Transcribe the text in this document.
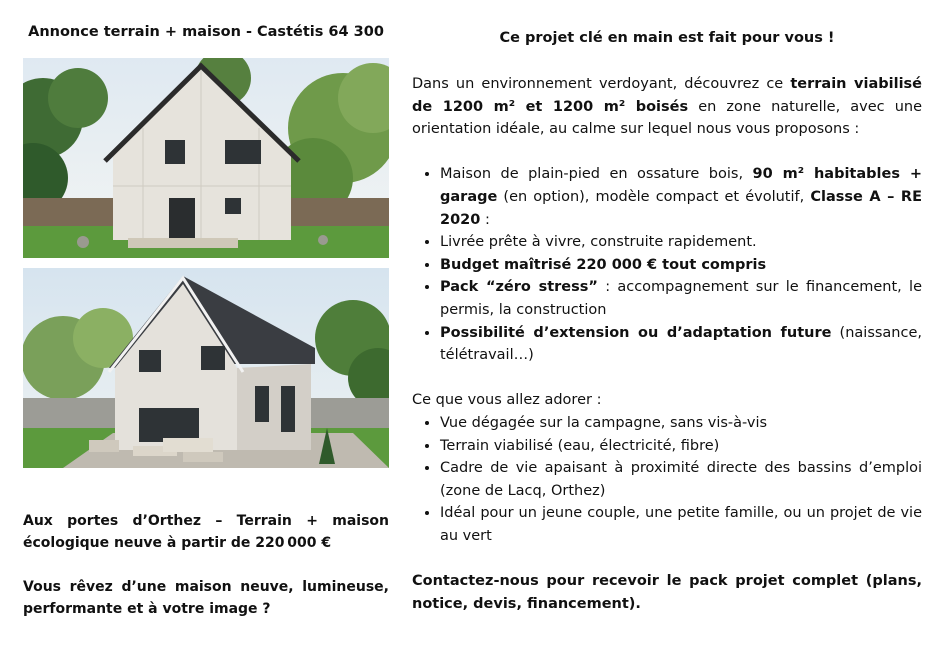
Annonce terrain + maison - Castétis 64 300

Aux portes d’Orthez – Terrain + maison écologique neuve à partir de 220 000 €

Vous rêvez d’une maison neuve, lumineuse, performante et à votre image ?

Ce projet clé en main est fait pour vous !

Dans un environnement verdoyant, découvrez ce terrain viabilisé de 1200 m² et 1200 m² boisés en zone naturelle, avec une orientation idéale, au calme sur lequel nous vous proposons :

• Maison de plain-pied en ossature bois, 90 m² habitables + garage (en option), modèle compact et évolutif, Classe A – RE 2020 :
• Livrée prête à vivre, construite rapidement.
• Budget maîtrisé 220 000 € tout compris
• Pack “zéro stress” : accompagnement sur le financement, le permis, la construction
• Possibilité d’extension ou d’adaptation future (naissance, télétravail…)

Ce que vous allez adorer :

• Vue dégagée sur la campagne, sans vis-à-vis
• Terrain viabilisé (eau, électricité, fibre)
• Cadre de vie apaisant à proximité directe des bassins d’emploi (zone de Lacq, Orthez)
• Idéal pour un jeune couple, une petite famille, ou un projet de vie au vert

Contactez-nous pour recevoir le pack projet complet (plans, notice, devis, financement).
